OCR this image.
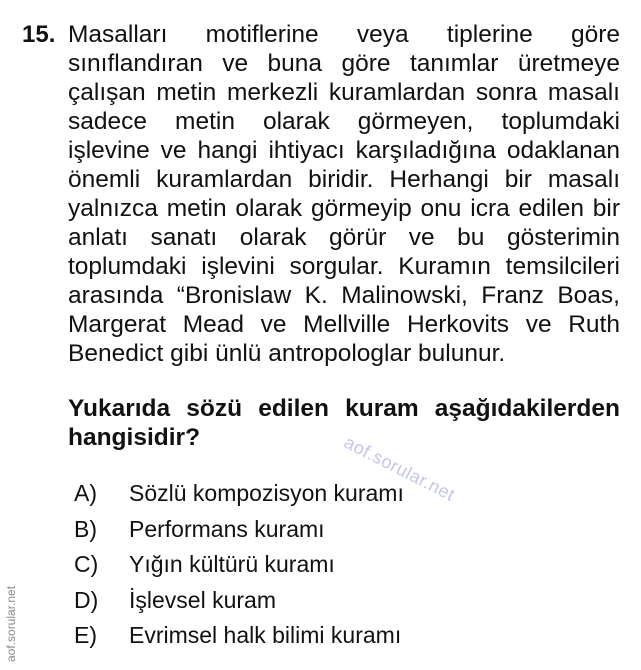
15. Masalları motiflerine veya tiplerine göre sınıflandıran ve buna göre tanımlar üretmeye çalışan metin merkezli kuramlardan sonra masalı sadece metin olarak görmeyen, toplumdaki işlevine ve hangi ihtiyacı karşıladığına odaklanan önemli kuramlardan biridir. Herhangi bir masalı yalnızca metin olarak görmeyip onu icra edilen bir anlatı sanatı olarak görür ve bu gösterimin toplumdaki işlevini sorgular. Kuramın temsilcileri arasında “Bronislaw K. Malinowski, Franz Boas, Margerat Mead ve Mellville Herkovits ve Ruth Benedict gibi ünlü antropologlar bulunur.

Yukarıda sözü edilen kuram aşağıdakilerden hangisidir?

A)	Sözlü kompozisyon kuramı
B)	Performans kuramı
C)	Yığın kültürü kuramı
D)	İşlevsel kuram
E)	Evrimsel halk bilimi kuramı
aof.sorular.net
aof.sorular.net
